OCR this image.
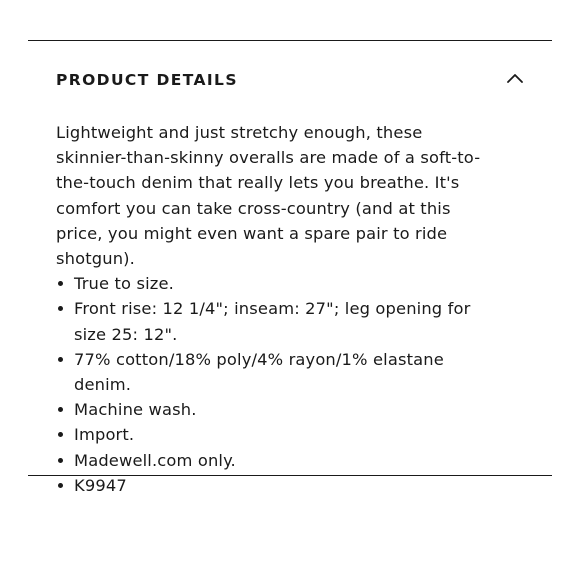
PRODUCT DETAILS

Lightweight and just stretchy enough, these skinnier-than-skinny overalls are made of a soft-to-the-touch denim that really lets you breathe. It's comfort you can take cross-country (and at this price, you might even want a spare pair to ride shotgun).

True to size.
Front rise: 12 1/4"; inseam: 27"; leg opening for size 25: 12".
77% cotton/18% poly/4% rayon/1% elastane denim.
Machine wash.
Import.
Madewell.com only.
K9947
